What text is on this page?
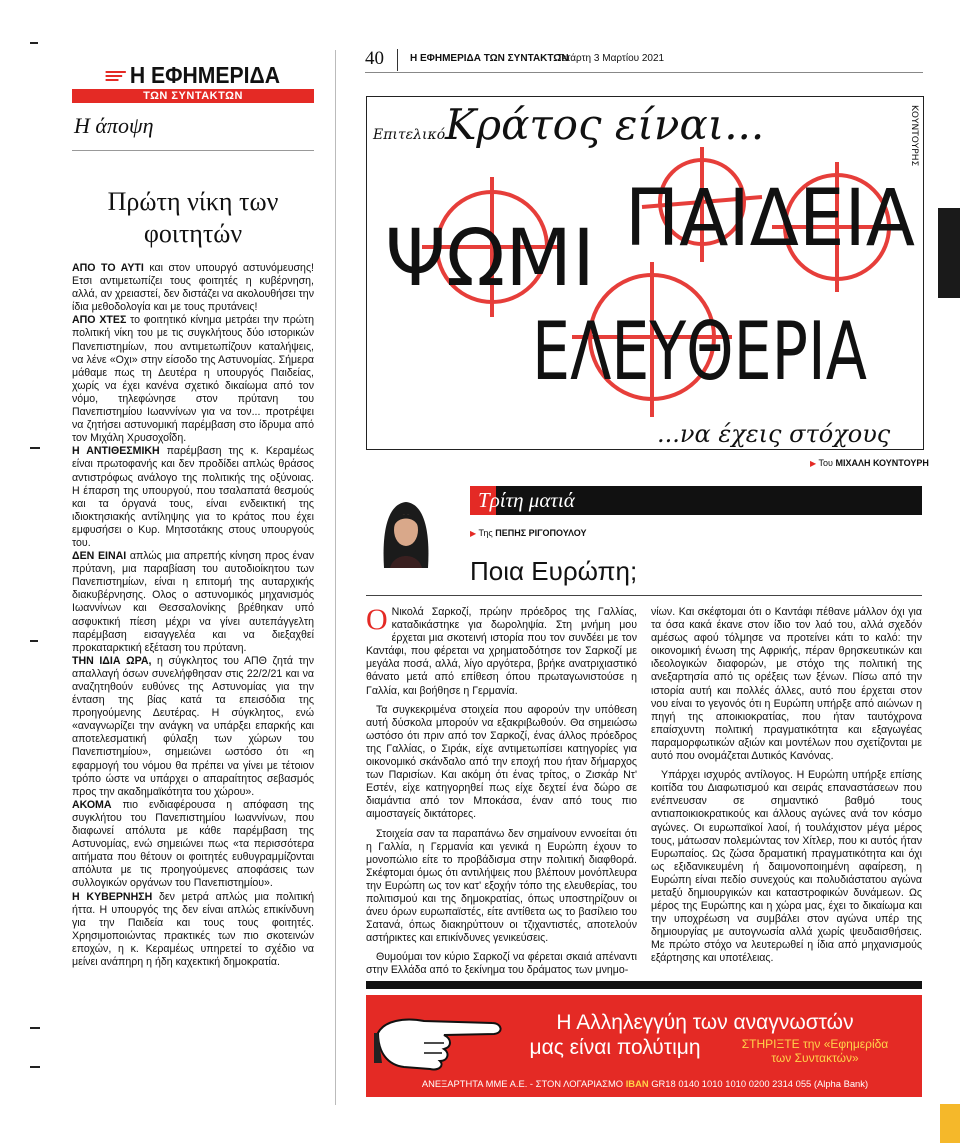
Η ΕΦΗΜΕΡΙΔΑ
ΤΩΝ ΣΥΝΤΑΚΤΩΝ
Η άποψη
Πρώτη νίκη των φοιτητών

ΑΠΟ ΤΟ ΑΥΤΙ και στον υπουργό αστυνόμευσης! Ετσι αντιμετωπίζει τους φοιτητές η κυβέρνηση, αλλά, αν χρειαστεί, δεν διστάζει να ακολουθήσει την ίδια μεθοδολογία και με τους πρυτάνεις!

ΑΠΟ ΧΤΕΣ το φοιτητικό κίνημα μετράει την πρώτη πολιτική νίκη του με τις συγκλήτους δύο ιστορικών Πανεπιστημίων, που αντιμετωπίζουν καταλήψεις, να λένε «Οχι» στην είσοδο της Αστυνομίας. Σήμερα μάθαμε πως τη Δευτέρα η υπουργός Παιδείας, χωρίς να έχει κανένα σχετικό δικαίωμα από τον νόμο, τηλεφώνησε στον πρύτανη του Πανεπιστημίου Ιωαννίνων για να τον... προτρέψει να ζητήσει αστυνομική παρέμβαση στο ίδρυμα από τον Μιχάλη Χρυσοχοΐδη.

Η ΑΝΤΙΘΕΣΜΙΚΗ παρέμβαση της κ. Κεραμέως είναι πρωτοφανής και δεν προδίδει απλώς θράσος αντιστρόφως ανάλογο της πολιτικής της οξύνοιας. Η έπαρση της υπουργού, που τσαλαπατά θεσμούς και τα όργανά τους, είναι ενδεικτική της ιδιοκτησιακής αντίληψης για το κράτος που έχει εμφυσήσει ο Κυρ. Μητσοτάκης στους υπουργούς του.

ΔΕΝ ΕΙΝΑΙ απλώς μια απρεπής κίνηση προς έναν πρύτανη, μια παραβίαση του αυτοδιοίκητου των Πανεπιστημίων, είναι η επιτομή της αυταρχικής διακυβέρνησης. Ολος ο αστυνομικός μηχανισμός Ιωαννίνων και Θεσσαλονίκης βρέθηκαν υπό ασφυκτική πίεση μέχρι να γίνει αυτεπάγγελτη παρέμβαση εισαγγελέα και να διεξαχθεί προκαταρκτική εξέταση του πρύτανη.

ΤΗΝ ΙΔΙΑ ΩΡΑ, η σύγκλητος του ΑΠΘ ζητά την απαλλαγή όσων συνελήφθησαν στις 22/2/21 και να αναζητηθούν ευθύνες της Αστυνομίας για την ένταση της βίας κατά τα επεισόδια της προηγούμενης Δευτέρας. Η σύγκλητος, ενώ «αναγνωρίζει την ανάγκη να υπάρξει επαρκής και αποτελεσματική φύλαξη των χώρων του Πανεπιστημίου», σημειώνει ωστόσο ότι «η εφαρμογή του νόμου θα πρέπει να γίνει με τέτοιον τρόπο ώστε να υπάρχει ο απαραίτητος σεβασμός προς την ακαδημαϊκότητα του χώρου».

ΑΚΟΜΑ πιο ενδιαφέρουσα η απόφαση της συγκλήτου του Πανεπιστημίου Ιωαννίνων, που διαφωνεί απόλυτα με κάθε παρέμβαση της Αστυνομίας, ενώ σημειώνει πως «τα περισσότερα αιτήματα που θέτουν οι φοιτητές ευθυγραμμίζονται απόλυτα με τις προηγούμενες αποφάσεις των συλλογικών οργάνων του Πανεπιστημίου».

Η ΚΥΒΕΡΝΗΣΗ δεν μετρά απλώς μια πολιτική ήττα. Η υπουργός της δεν είναι απλώς επικίνδυνη για την Παιδεία και τους τους φοιτητές. Χρησιμοποιώντας πρακτικές των πιο σκοτεινών εποχών, η κ. Κεραμέως υπηρετεί το σχέδιο να μείνει ανάπηρη η ήδη καχεκτική δημοκρατία.

40	Η ΕΦΗΜΕΡΙΔΑ ΤΩΝ ΣΥΝΤΑΚΤΩΝ
Τετάρτη 3 Μαρτίου 2021
Επιτελικό Κράτος είναι...
ΨΩΜΙ ΠΑΙΔΕΙΑ
ΕΛΕΥΘΕΡΙΑ
...να έχεις στόχους
ΚΟΥΝΤΟΥΡΗΣ
▶ Του ΜΙΧΑΛΗ ΚΟΥΝΤΟΥΡΗ
Τρίτη ματιά
▶ Της ΠΕΠΗΣ ΡΙΓΟΠΟΥΛΟΥ
Ποια Ευρώπη;

Ο Νικολά Σαρκοζί, πρώην πρόεδρος της Γαλλίας, καταδικάστηκε για δωροληψία. Στη μνήμη μου έρχεται μια σκοτεινή ιστορία που τον συνδέει με τον Καντάφι, που φέρεται να χρηματοδότησε τον Σαρκοζί με μεγάλα ποσά, αλλά, λίγο αργότερα, βρήκε ανατριχιαστικό θάνατο μετά από επίθεση όπου πρωταγωνιστούσε η Γαλλία, και βοήθησε η Γερμανία.

Τα συγκεκριμένα στοιχεία που αφορούν την υπόθεση αυτή δύσκολα μπορούν να εξακριβωθούν. Θα σημειώσω ωστόσο ότι πριν από τον Σαρκοζί, ένας άλλος πρόεδρος της Γαλλίας, ο Σιράκ, είχε αντιμετωπίσει κατηγορίες για οικονομικό σκάνδαλο από την εποχή που ήταν δήμαρχος των Παρισίων. Και ακόμη ότι ένας τρίτος, ο Ζισκάρ Ντ' Εστέν, είχε κατηγορηθεί πως είχε δεχτεί ένα δώρο σε διαμάντια από τον Μποκάσα, έναν από τους πιο αιμοσταγείς δικτάτορες.

Στοιχεία σαν τα παραπάνω δεν σημαίνουν εννοείται ότι η Γαλλία, η Γερμανία και γενικά η Ευρώπη έχουν το μονοπώλιο είτε το προβάδισμα στην πολιτική διαφθορά. Σκέφτομαι όμως ότι αντιλήψεις που βλέπουν μονόπλευρα την Ευρώπη ως τον κατ' εξοχήν τόπο της ελευθερίας, του πολιτισμού και της δημοκρατίας, όπως υποστηρίζουν οι άνευ όρων ευρωπαϊστές, είτε αντίθετα ως το βασίλειο του Σατανά, όπως διακηρύττουν οι τζιχαντιστές, αποτελούν αστήρικτες και επικίνδυνες γενικεύσεις.

Θυμούμαι τον κύριο Σαρκοζί να φέρεται σκαιά απέναντι στην Ελλάδα από το ξεκίνημα του δράματος των μνημο-

νίων. Και σκέφτομαι ότι ο Καντάφι πέθανε μάλλον όχι για τα όσα κακά έκανε στον ίδιο τον λαό του, αλλά σχεδόν αμέσως αφού τόλμησε να προτείνει κάτι το καλό: την οικονομική ένωση της Αφρικής, πέραν θρησκευτικών και ιδεολογικών διαφορών, με στόχο της πολιτική της ανεξαρτησία από τις ορέξεις των ξένων. Πίσω από την ιστορία αυτή και πολλές άλλες, αυτό που έρχεται στον νου είναι το γεγονός ότι η Ευρώπη υπήρξε από αιώνων η πηγή της αποικιοκρατίας, που ήταν ταυτόχρονα επαίσχυντη πολιτική πραγματικότητα και εξαγωγέας παραμορφωτικών αξιών και μοντέλων που σχετίζονται με αυτό που ονομάζεται Δυτικός Κανόνας.

Υπάρχει ισχυρός αντίλογος. Η Ευρώπη υπήρξε επίσης κοιτίδα του Διαφωτισμού και σειράς επαναστάσεων που ενέπνευσαν σε σημαντικό βαθμό τους αντιαποικιοκρατικούς και άλλους αγώνες ανά τον κόσμο αγώνες. Οι ευρωπαϊκοί λαοί, ή τουλάχιστον μέγα μέρος τους, μάτωσαν πολεμώντας τον Χίτλερ, που κι αυτός ήταν Ευρωπαίος. Ως ζώσα δραματική πραγματικότητα και όχι ως εξιδανικευμένη ή δαιμονοποιημένη αφαίρεση, η Ευρώπη είναι πεδίο συνεχούς και πολυδιάστατου αγώνα μεταξύ δημιουργικών και καταστροφικών δυνάμεων. Ως μέρος της Ευρώπης και η χώρα μας, έχει το δικαίωμα και την υποχρέωση να συμβάλει στον αγώνα υπέρ της δημιουργίας με αυτογνωσία αλλά χωρίς ψευδαισθήσεις. Με πρώτο στόχο να λευτερωθεί η ίδια από μηχανισμούς εξάρτησης και υποτέλειας.

Η Αλληλεγγύη των αναγνωστών
μας είναι πολύτιμη	ΣΤΗΡΙΞΤΕ την «Εφημερίδα
των Συντακτών»
ΑΝΕΞΑΡΤΗΤΑ ΜΜΕ Α.Ε. - ΣΤΟΝ ΛΟΓΑΡΙΑΣΜΟ IBAN GR18 0140 1010 1010 0200 2314 055 (Alpha Bank)
